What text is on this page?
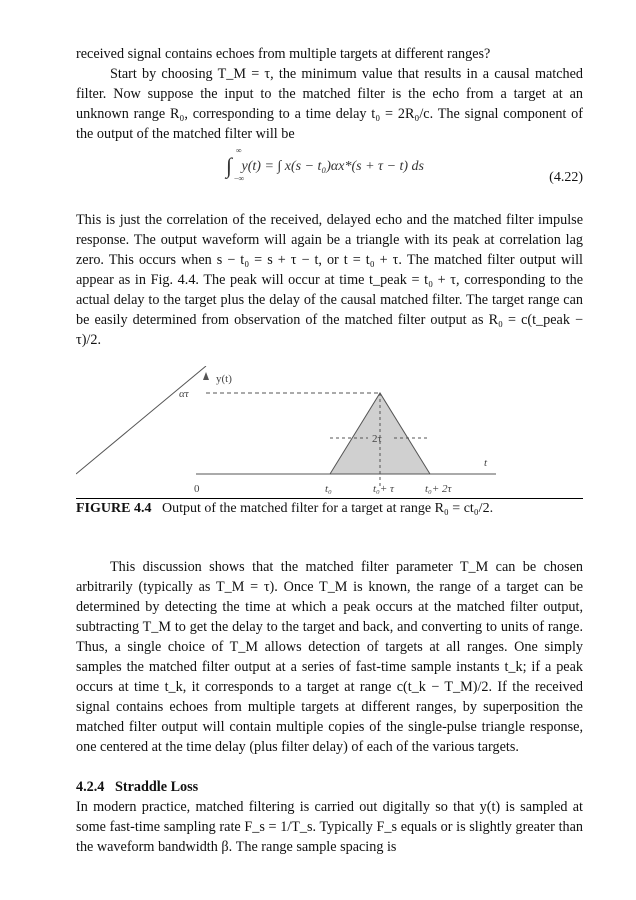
received signal contains echoes from multiple targets at different ranges?

Start by choosing T_M = τ, the minimum value that results in a causal matched filter. Now suppose the input to the matched filter is the echo from a target at an unknown range R₀, corresponding to a time delay t₀ = 2R₀/c. The signal component of the output of the matched filter will be

∫
∞
−∞
y(t) = ∫ x(s − t₀)αx*(s + τ − t) ds
(4.22)

This is just the correlation of the received, delayed echo and the matched filter impulse response. The output waveform will again be a triangle with its peak at correlation lag zero. This occurs when s − t₀ = s + τ − t, or t = t₀ + τ. The matched filter output will appear as in Fig. 4.4. The peak will occur at time t_peak = t₀ + τ, corresponding to the actual delay to the target plus the delay of the causal matched filter. The target range can be easily determined from observation of the matched filter output as R₀ = c(t_peak − τ)/2.

y(t)
ατ
2τ
t
0	t₀	t₀+ τ	t₀+ 2τ
FIGURE 4.4 Output of the matched filter for a target at range R₀ = ct₀/2.

This discussion shows that the matched filter parameter T_M can be chosen arbitrarily (typically as T_M = τ). Once T_M is known, the range of a target can be determined by detecting the time at which a peak occurs at the matched filter output, subtracting T_M to get the delay to the target and back, and converting to units of range. Thus, a single choice of T_M allows detection of targets at all ranges. One simply samples the matched filter output at a series of fast-time sample instants t_k; if a peak occurs at time t_k, it corresponds to a target at range c(t_k − T_M)/2. If the received signal contains echoes from multiple targets at different ranges, by superposition the matched filter output will contain multiple copies of the single-pulse triangle response, one centered at the time delay (plus filter delay) of each of the various targets.

4.2.4 Straddle Loss

In modern practice, matched filtering is carried out digitally so that y(t) is sampled at some fast-time sampling rate F_s = 1/T_s. Typically F_s equals or is slightly greater than the waveform bandwidth β. The range sample spacing is
